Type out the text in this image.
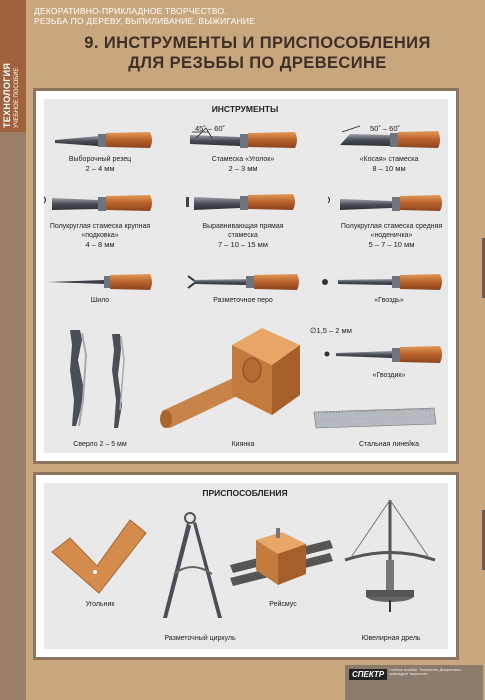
ТЕХНОЛОГИЯ УЧЕБНОЕ ПОСОБИЕ
ДЕКОРАТИВНО-ПРИКЛАДНОЕ ТВОРЧЕСТВО.
РЕЗЬБА ПО ДЕРЕВУ, ВЫПИЛИВАНИЕ, ВЫЖИГАНИЕ
9. ИНСТРУМЕНТЫ И ПРИСПОСОБЛЕНИЯ
ДЛЯ РЕЗЬБЫ ПО ДРЕВЕСИНЕ
ИНСТРУМЕНТЫ
45˚ – 60˚	50˚ – 60˚
∅1,5 – 2 мм
Выборочный резец
2 – 4 мм
Стамеска «Уголок»
2 – 3 мм
«Косая» стамеска
8 – 10 мм
Полукруглая стамеска крупная «подковка»
4 – 8 мм
Выравнивающая прямая стамеска
7 – 10 – 15 мм
Полукруглая стамеска средняя «ноденичка»
5 – 7 – 10 мм
Шило	Разметочное перо	«Гвоздь»
«Гвоздик»
Сверло 2 – 5 мм	Киянка	Стальная линейка
ПРИСПОСОБЛЕНИЯ
Угольник
Разметочный циркуль
Рейсмус
Ювелирная дрель
СПЕКТР	Учебное пособие. Технология. Декоративно-прикладное творчество.
